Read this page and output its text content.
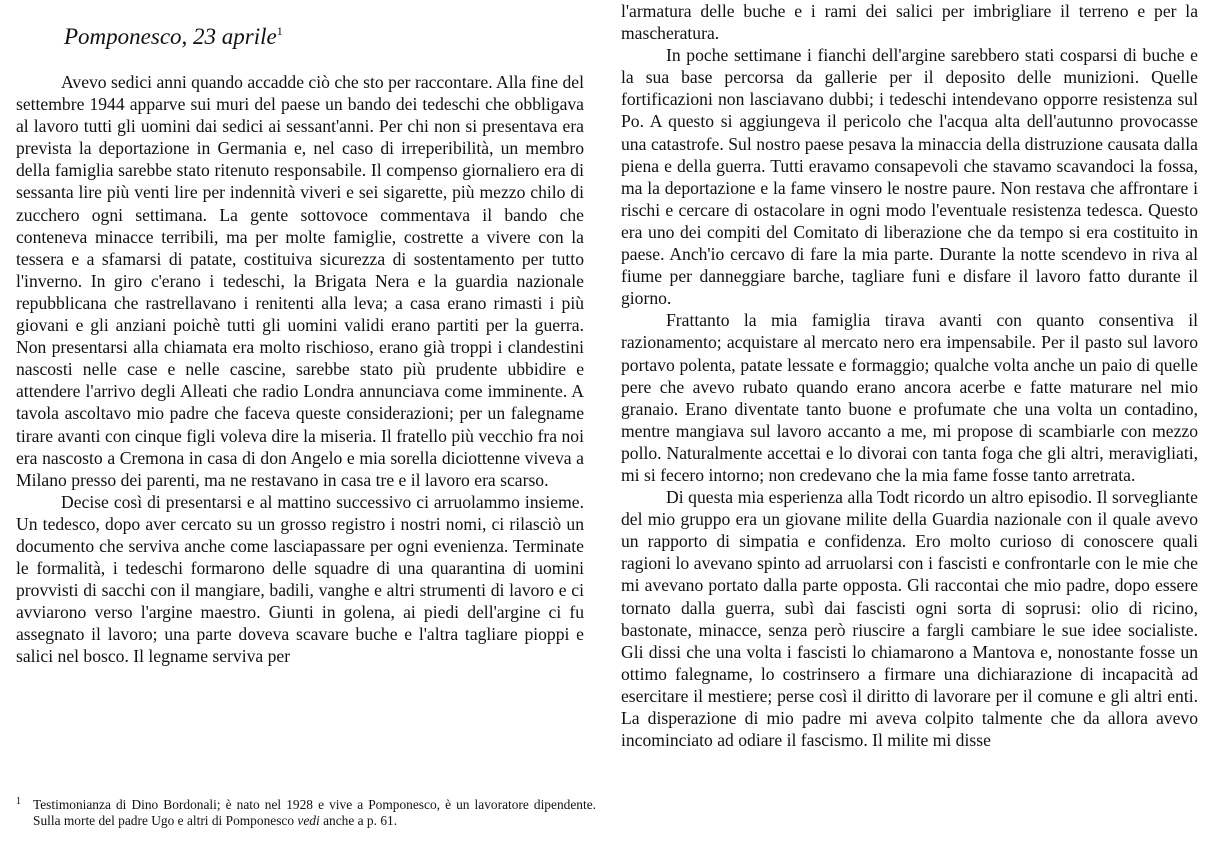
Pomponesco, 23 aprile$^1$

Avevo sedici anni quando accadde ciò che sto per raccontare. Alla fine del settembre 1944 apparve sui muri del paese un bando dei tedeschi che obbligava al lavoro tutti gli uomini dai sedici ai sessant'anni. Per chi non si presentava era prevista la deportazione in Germania e, nel caso di irreperibilità, un membro della famiglia sarebbe stato ritenuto responsabile. Il compenso giornaliero era di sessanta lire più venti lire per indennità viveri e sei sigarette, più mezzo chilo di zucchero ogni settimana. La gente sottovoce commentava il bando che conteneva minacce terribili, ma per molte famiglie, costrette a vivere con la tessera e a sfamarsi di patate, costituiva sicurezza di sostentamento per tutto l'inverno. In giro c'erano i tedeschi, la Brigata Nera e la guardia nazionale repubblicana che rastrellavano i renitenti alla leva; a casa erano rimasti i più giovani e gli anziani poichè tutti gli uomini validi erano partiti per la guerra. Non presentarsi alla chiamata era molto rischioso, erano già troppi i clandestini nascosti nelle case e nelle cascine, sarebbe stato più prudente ubbidire e attendere l'arrivo degli Alleati che radio Londra annunciava come imminente. A tavola ascoltavo mio padre che faceva queste considerazioni; per un falegname tirare avanti con cinque figli voleva dire la miseria. Il fratello più vecchio fra noi era nascosto a Cremona in casa di don Angelo e mia sorella diciottenne viveva a Milano presso dei parenti, ma ne restavano in casa tre e il lavoro era scarso.

Decise così di presentarsi e al mattino successivo ci arruolammo insieme. Un tedesco, dopo aver cercato su un grosso registro i nostri nomi, ci rilasciò un documento che serviva anche come lasciapassare per ogni evenienza. Terminate le formalità, i tedeschi formarono delle squadre di una quarantina di uomini provvisti di sacchi con il mangiare, badili, vanghe e altri strumenti di lavoro e ci avviarono verso l'argine maestro. Giunti in golena, ai piedi dell'argine ci fu assegnato il lavoro; una parte doveva scavare buche e l'altra tagliare pioppi e salici nel bosco. Il legname serviva per

l'armatura delle buche e i rami dei salici per imbrigliare il terreno e per la mascheratura.

In poche settimane i fianchi dell'argine sarebbero stati cosparsi di buche e la sua base percorsa da gallerie per il deposito delle munizioni. Quelle fortificazioni non lasciavano dubbi; i tedeschi intendevano opporre resistenza sul Po. A questo si aggiungeva il pericolo che l'acqua alta dell'autunno provocasse una catastrofe. Sul nostro paese pesava la minaccia della distruzione causata dalla piena e della guerra. Tutti eravamo consapevoli che stavamo scavandoci la fossa, ma la deportazione e la fame vinsero le nostre paure. Non restava che affrontare i rischi e cercare di ostacolare in ogni modo l'eventuale resistenza tedesca. Questo era uno dei compiti del Comitato di liberazione che da tempo si era costituito in paese. Anch'io cercavo di fare la mia parte. Durante la notte scendevo in riva al fiume per danneggiare barche, tagliare funi e disfare il lavoro fatto durante il giorno.

Frattanto la mia famiglia tirava avanti con quanto consentiva il razionamento; acquistare al mercato nero era impensabile. Per il pasto sul lavoro portavo polenta, patate lessate e formaggio; qualche volta anche un paio di quelle pere che avevo rubato quando erano ancora acerbe e fatte maturare nel mio granaio. Erano diventate tanto buone e profumate che una volta un contadino, mentre mangiava sul lavoro accanto a me, mi propose di scambiarle con mezzo pollo. Naturalmente accettai e lo divorai con tanta foga che gli altri, meravigliati, mi si fecero intorno; non credevano che la mia fame fosse tanto arretrata.

Di questa mia esperienza alla Todt ricordo un altro episodio. Il sorvegliante del mio gruppo era un giovane milite della Guardia nazionale con il quale avevo un rapporto di simpatia e confidenza. Ero molto curioso di conoscere quali ragioni lo avevano spinto ad arruolarsi con i fascisti e confrontarle con le mie che mi avevano portato dalla parte opposta. Gli raccontai che mio padre, dopo essere tornato dalla guerra, subì dai fascisti ogni sorta di soprusi: olio di ricino, bastonate, minacce, senza però riuscire a fargli cambiare le sue idee socialiste. Gli dissi che una volta i fascisti lo chiamarono a Mantova e, nonostante fosse un ottimo falegname, lo costrinsero a firmare una dichiarazione di incapacità ad esercitare il mestiere; perse così il diritto di lavorare per il comune e gli altri enti. La disperazione di mio padre mi aveva colpito talmente che da allora avevo incominciato ad odiare il fascismo. Il milite mi disse

1 Testimonianza di Dino Bordonali; è nato nel 1928 e vive a Pomponesco, è un lavoratore dipendente. Sulla morte del padre Ugo e altri di Pomponesco vedi anche a p. 61.
